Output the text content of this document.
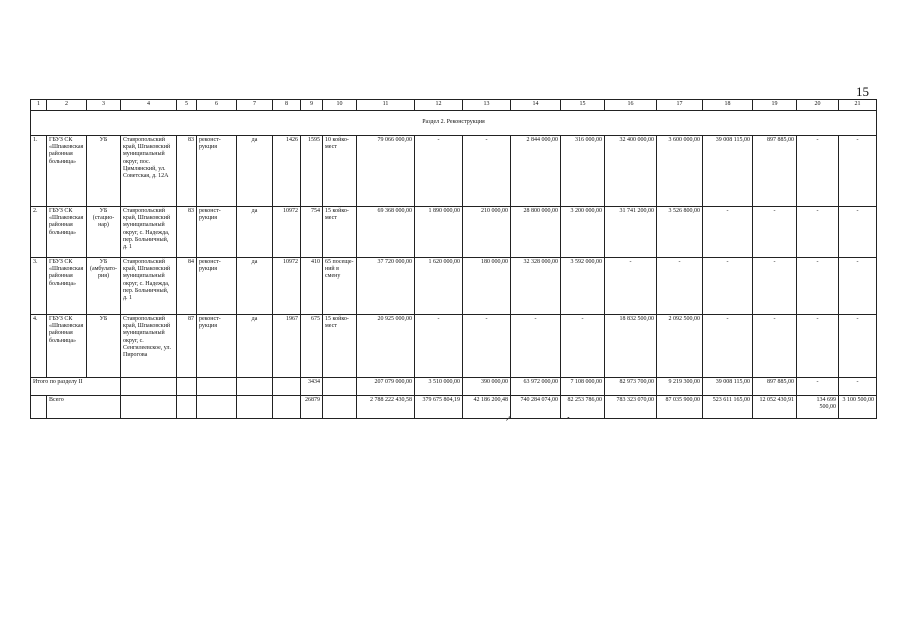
15
1	2	3	4	5	6	7	8	9	10	11	12	13	14	15	16	17	18	19	20	21
Раздел 2. Реконструкция																				
1.	ГБУЗ СК «Шпаковская районная больница»	УБ	Ставропольский край, Шпаковский муниципальный округ, пос. Цимлянский, ул. Советская, д. 12А	83	реконст-рукция	да	1426	1595	10 койко-мест	79 066 000,00	-	-	2 844 000,00	316 000,00	32 400 000,00	3 600 000,00	39 008 115,00	897 885,00	-	-
2.	ГБУЗ СК «Шпаковская районная больница»	УБ (стацио-нар)	Ставропольский край, Шпаковский муниципальный округ, с. Надежда, пер. Больничный, д. 1	83	реконст-рукция	да	10972	754	15 койко-мест	69 368 000,00	1 890 000,00	210 000,00	28 800 000,00	3 200 000,00	31 741 200,00	3 526 800,00	-	-	-	-
3.	ГБУЗ СК «Шпаковская районная больница»	УБ (амбулато-рия)	Ставропольский край, Шпаковский муниципальный округ, с. Надежда, пер. Больничный, д. 1	84	реконст-рукция	да	10972	410	65 посеще-ний в смену	37 720 000,00	1 620 000,00	180 000,00	32 328 000,00	3 592 000,00	-	-	-	-	-	-
4.	ГБУЗ СК «Шпаковская районная больница»	УБ	Ставропольский край, Шпаковский муниципальный округ, с. Сенгилеевское, ул. Пирогова	87	реконст-рукция	да	1967	675	15 койко-мест	20 925 000,00	-	-	-	-	18 832 500,00	2 092 500,00	-	-	-	-
Итого по разделу II								3434		207 079 000,00	3 510 000,00	390 000,00	63 972 000,00	7 108 000,00	82 973 700,00	9 219 300,00	39 008 115,00	897 885,00	-	-
	Всего							26879		2 788 222 430,58	379 675 804,19	42 186 200,48	740 284 074,00	82 253 786,00	783 323 070,00	87 035 900,00	523 611 165,00	12 052 430,91	134 699 500,00	3 100 500,00
↗	•
